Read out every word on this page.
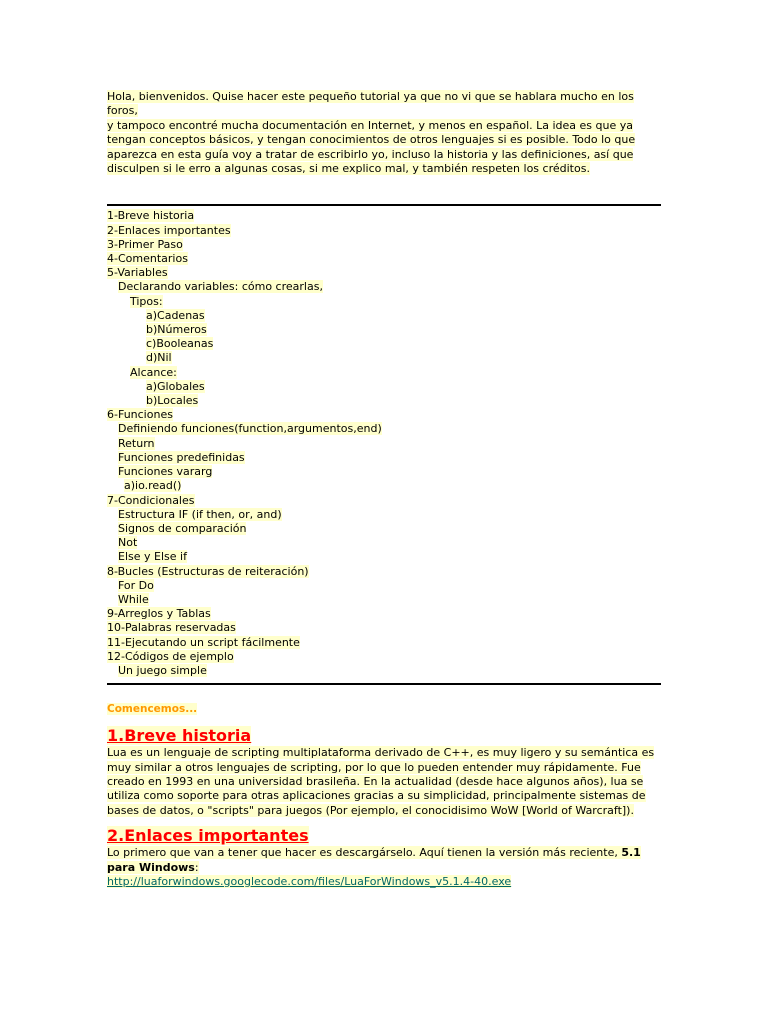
Hola, bienvenidos. Quise hacer este pequeño tutorial ya que no vi que se hablara mucho en los foros,
y tampoco encontré mucha documentación en Internet, y menos en español. La idea es que ya tengan conceptos básicos, y tengan conocimientos de otros lenguajes si es posible. Todo lo que aparezca en esta guía voy a tratar de escribirlo yo, incluso la historia y las definiciones, así que disculpen si le erro a algunas cosas, si me explico mal, y también respeten los créditos.
1-Breve historia
2-Enlaces importantes
3-Primer Paso
4-Comentarios
5-Variables
Declarando variables: cómo crearlas,
Tipos:
a)Cadenas
b)Números
c)Booleanas
d)Nil
Alcance:
a)Globales
b)Locales
6-Funciones
Definiendo funciones(function,argumentos,end)
Return
Funciones predefinidas
Funciones vararg
a)io.read()
7-Condicionales
Estructura IF (if then, or, and)
Signos de comparación
Not
Else y Else if
8-Bucles (Estructuras de reiteración)
For Do
While
9-Arreglos y Tablas
10-Palabras reservadas
11-Ejecutando un script fácilmente
12-Códigos de ejemplo
Un juego simple
Comencemos...
1.Breve historia

Lua es un lenguaje de scripting multiplataforma derivado de C++, es muy ligero y su semántica es muy similar a otros lenguajes de scripting, por lo que lo pueden entender muy rápidamente. Fue creado en 1993 en una universidad brasileña. En la actualidad (desde hace algunos años), lua se utiliza como soporte para otras aplicaciones gracias a su simplicidad, principalmente sistemas de bases de datos, o "scripts" para juegos (Por ejemplo, el conocidisimo WoW [World of Warcraft]).

2.Enlaces importantes

Lo primero que van a tener que hacer es descargárselo. Aquí tienen la versión más reciente, 5.1 para Windows:
http://luaforwindows.googlecode.com/files/LuaForWindows_v5.1.4-40.exe
